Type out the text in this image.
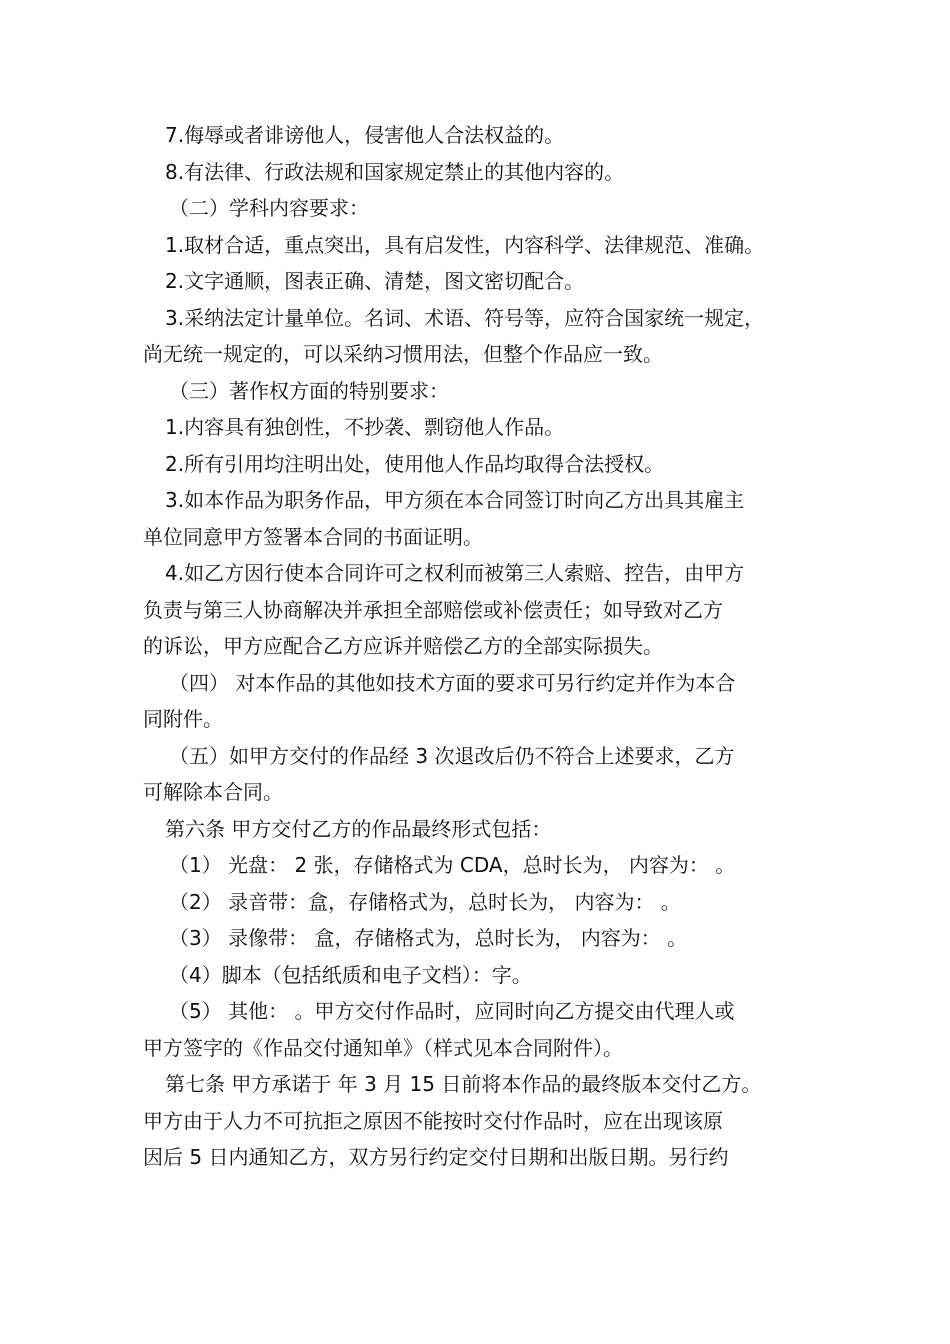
7.侮辱或者诽谤他人，侵害他人合法权益的。

8.有法律、行政法规和国家规定禁止的其他内容的。

（二）学科内容要求：

1.取材合适，重点突出，具有启发性，内容科学、法律规范、准确。

2.文字通顺，图表正确、清楚，图文密切配合。

3.采纳法定计量单位。名词、术语、符号等，应符合国家统一规定，
尚无统一规定的，可以采纳习惯用法，但整个作品应一致。

（三）著作权方面的特别要求：

1.内容具有独创性，不抄袭、剽窃他人作品。

2.所有引用均注明出处，使用他人作品均取得合法授权。

3.如本作品为职务作品，甲方须在本合同签订时向乙方出具其雇主
单位同意甲方签署本合同的书面证明。

4.如乙方因行使本合同许可之权利而被第三人索赔、控告，由甲方
负责与第三人协商解决并承担全部赔偿或补偿责任；如导致对乙方
的诉讼，甲方应配合乙方应诉并赔偿乙方的全部实际损失。

（四） 对本作品的其他如技术方面的要求可另行约定并作为本合
同附件。

（五）如甲方交付的作品经 3 次退改后仍不符合上述要求，乙方
可解除本合同。

第六条 甲方交付乙方的作品最终形式包括：

（1） 光盘： 2 张，存储格式为 CDA，总时长为， 内容为： 。

（2） 录音带：盒，存储格式为，总时长为， 内容为： 。

（3） 录像带： 盒，存储格式为，总时长为， 内容为： 。

（4）脚本（包括纸质和电子文档）：字。

（5） 其他： 。甲方交付作品时，应同时向乙方提交由代理人或
甲方签字的《作品交付通知单》（样式见本合同附件）。

第七条 甲方承诺于 年 3 月 15 日前将本作品的最终版本交付乙方。
甲方由于人力不可抗拒之原因不能按时交付作品时，应在出现该原
因后 5 日内通知乙方，双方另行约定交付日期和出版日期。另行约
